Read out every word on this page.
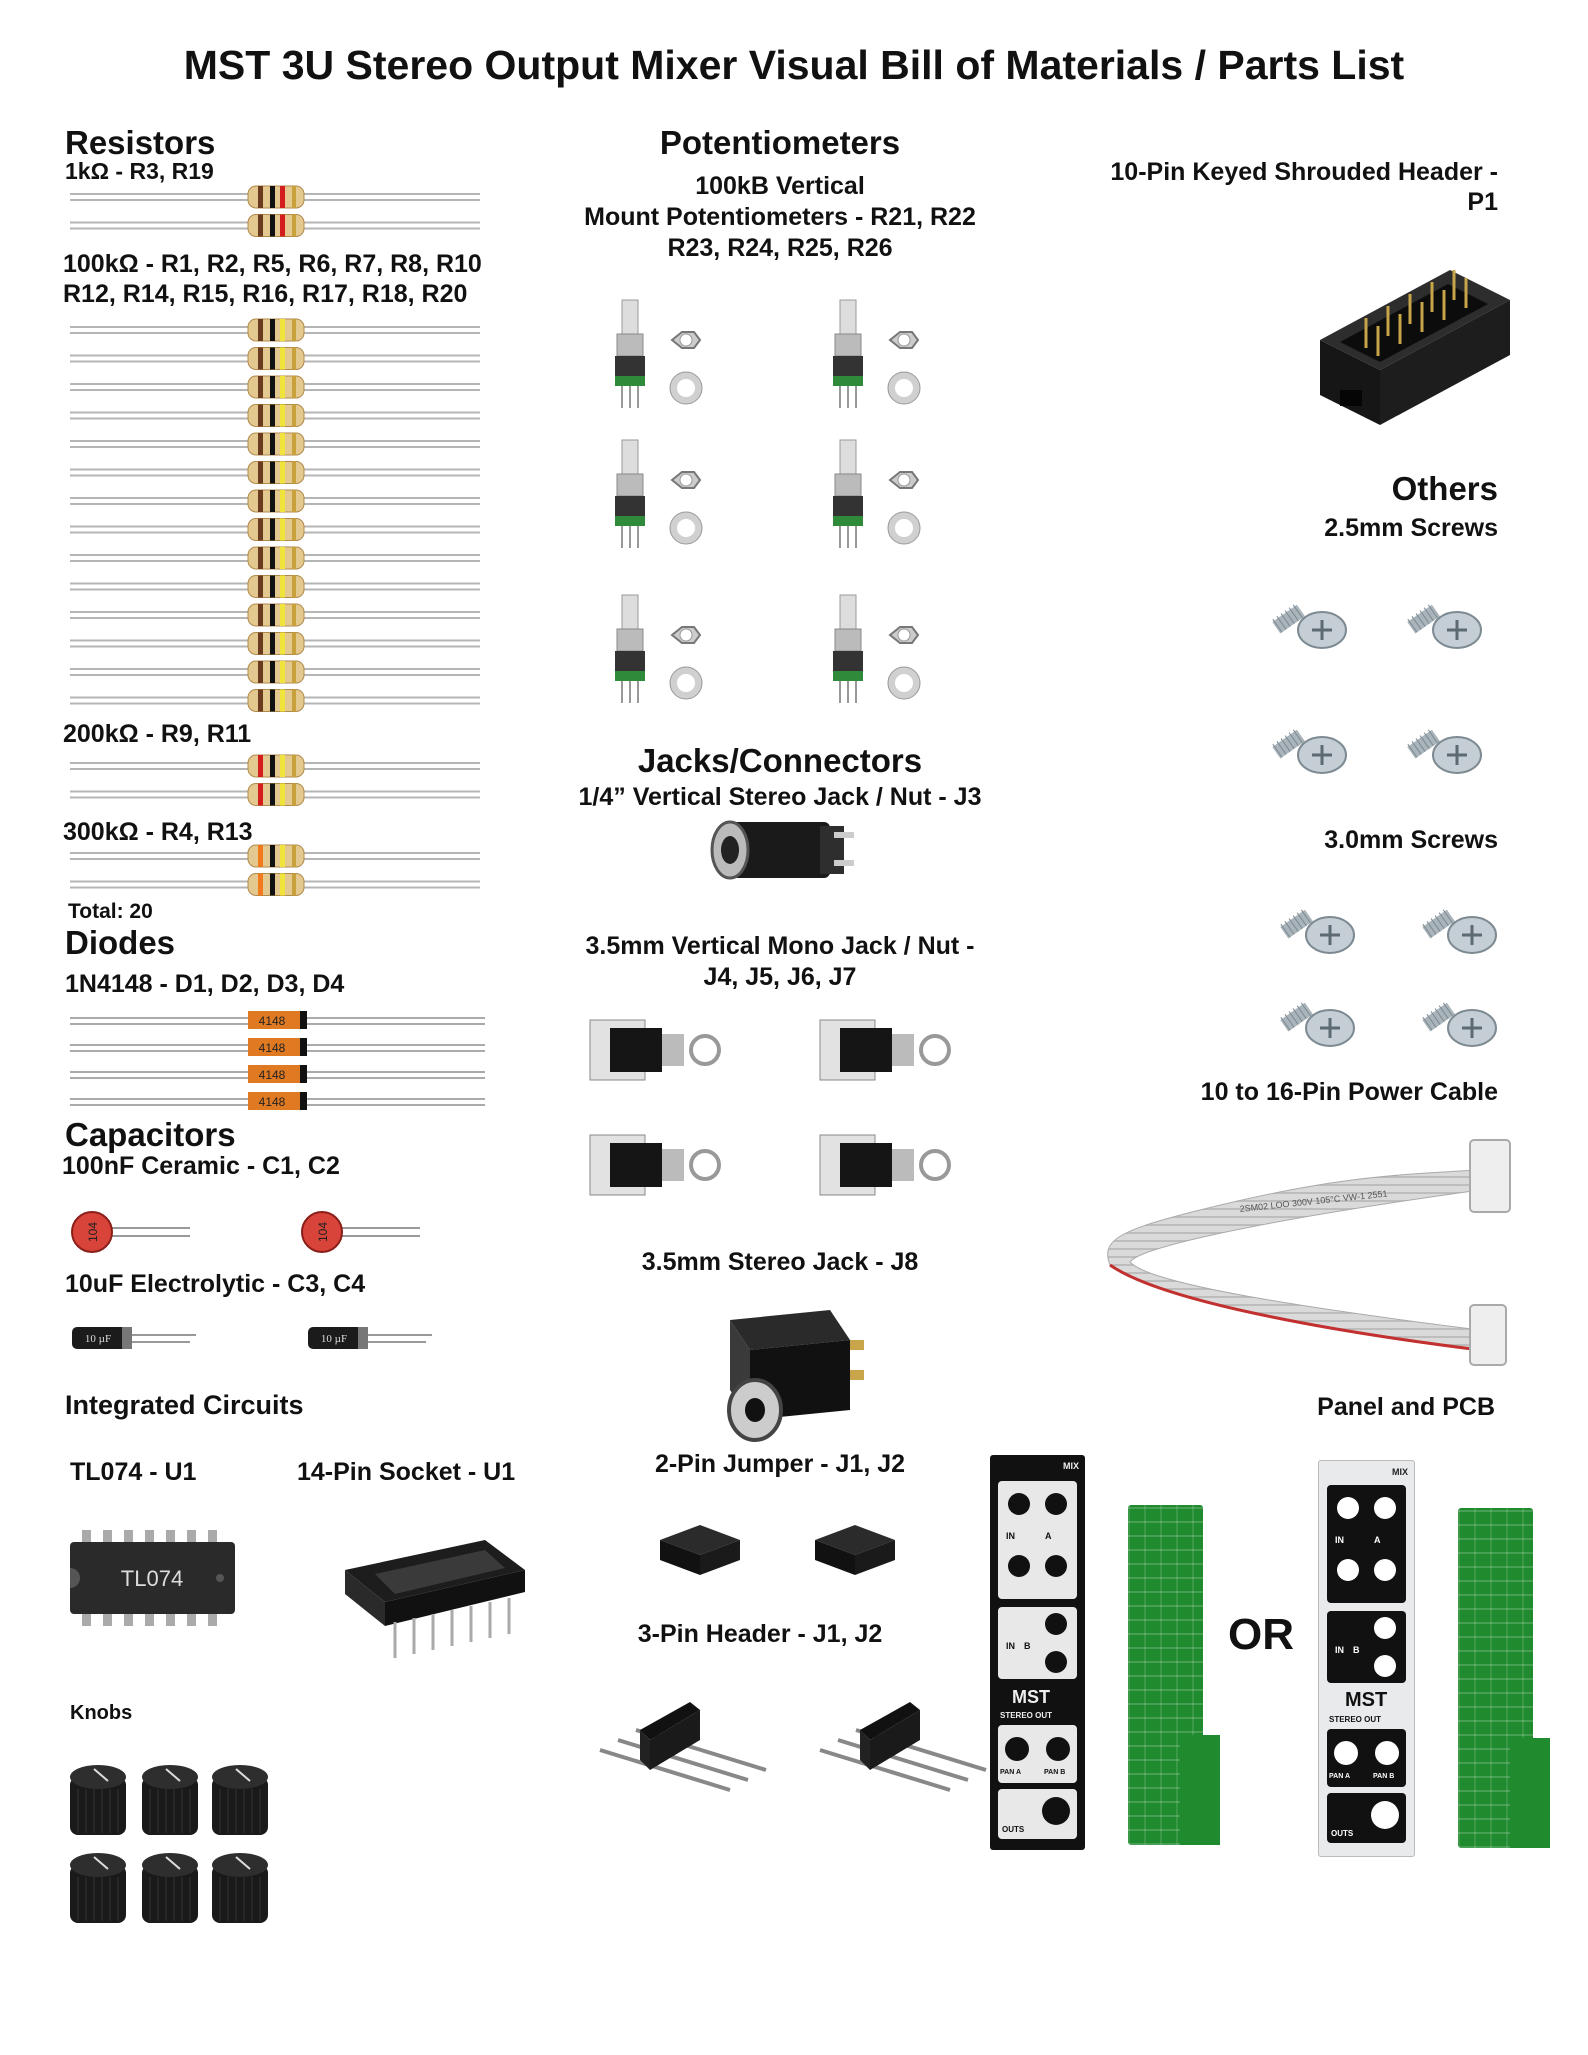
MST 3U Stereo Output Mixer Visual Bill of Materials / Parts List
Resistors
1kΩ - R3, R19
100kΩ - R1, R2, R5, R6, R7, R8, R10
R12, R14, R15, R16, R17, R18, R20
200kΩ - R9, R11
300kΩ - R4, R13
Total: 20
Diodes
1N4148 - D1, D2, D3, D4
4148
4148
4148
4148
Capacitors
100nF Ceramic - C1, C2
10uF Electrolytic - C3, C4
104	104
10 µF	10 µF
Integrated Circuits
TL074 - U1	14-Pin Socket - U1
TL074
Knobs
Potentiometers
100kB Vertical
Mount Potentiometers - R21, R22
R23, R24, R25, R26
Jacks/Connectors
1/4” Vertical Stereo Jack / Nut - J3
3.5mm Vertical Mono Jack / Nut -
J4, J5, J6, J7
3.5mm Stereo Jack - J8
2-Pin Jumper - J1, J2
3-Pin Header - J1, J2
10-Pin Keyed Shrouded Header -
P1
Others
2.5mm Screws
3.0mm Screws
10 to 16-Pin Power Cable
2SM02 LOO 300V 105°C VW-1 2551
Panel and PCB
OR
MIX
IN	A
IN B
MST
STEREO OUT
PAN A	PAN B
OUTS
MIX
IN	A
IN B
MST
STEREO OUT
PAN A	PAN B
OUTS
